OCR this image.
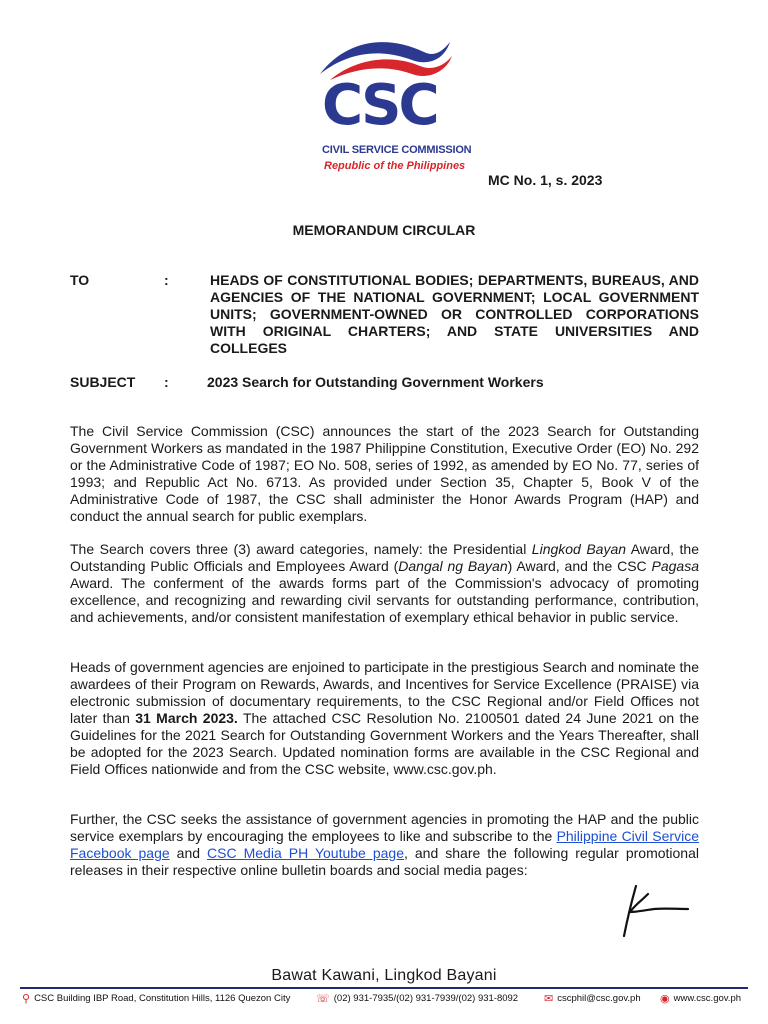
CSC
CIVIL SERVICE COMMISSION
Republic of the Philippines
MC No. 1, s. 2023
MEMORANDUM CIRCULAR
TO	:	HEADS OF CONSTITUTIONAL BODIES; DEPARTMENTS, BUREAUS, AND AGENCIES OF THE NATIONAL GOVERNMENT; LOCAL GOVERNMENT UNITS; GOVERNMENT-OWNED OR CONTROLLED CORPORATIONS WITH ORIGINAL CHARTERS; AND STATE UNIVERSITIES AND COLLEGES
SUBJECT :	2023 Search for Outstanding Government Workers

The Civil Service Commission (CSC) announces the start of the 2023 Search for Outstanding Government Workers as mandated in the 1987 Philippine Constitution, Executive Order (EO) No. 292 or the Administrative Code of 1987; EO No. 508, series of 1992, as amended by EO No. 77, series of 1993; and Republic Act No. 6713. As provided under Section 35, Chapter 5, Book V of the Administrative Code of 1987, the CSC shall administer the Honor Awards Program (HAP) and conduct the annual search for public exemplars.

The Search covers three (3) award categories, namely: the Presidential Lingkod Bayan Award, the Outstanding Public Officials and Employees Award (Dangal ng Bayan) Award, and the CSC Pagasa Award. The conferment of the awards forms part of the Commission's advocacy of promoting excellence, and recognizing and rewarding civil servants for outstanding performance, contribution, and achievements, and/or consistent manifestation of exemplary ethical behavior in public service.

Heads of government agencies are enjoined to participate in the prestigious Search and nominate the awardees of their Program on Rewards, Awards, and Incentives for Service Excellence (PRAISE) via electronic submission of documentary requirements, to the CSC Regional and/or Field Offices not later than 31 March 2023. The attached CSC Resolution No. 2100501 dated 24 June 2021 on the Guidelines for the 2021 Search for Outstanding Government Workers and the Years Thereafter, shall be adopted for the 2023 Search. Updated nomination forms are available in the CSC Regional and Field Offices nationwide and from the CSC website, www.csc.gov.ph.

Further, the CSC seeks the assistance of government agencies in promoting the HAP and the public service exemplars by encouraging the employees to like and subscribe to the Philippine Civil Service Facebook page and CSC Media PH Youtube page, and share the following regular promotional releases in their respective online bulletin boards and social media pages:

Bawat Kawani, Lingkod Bayani
⚲ CSC Building IBP Road, Constitution Hills, 1126 Quezon City ☏ (02) 931-7935/(02) 931-7939/(02) 931-8092 ✉ cscphil@csc.gov.ph ◉ www.csc.gov.ph
